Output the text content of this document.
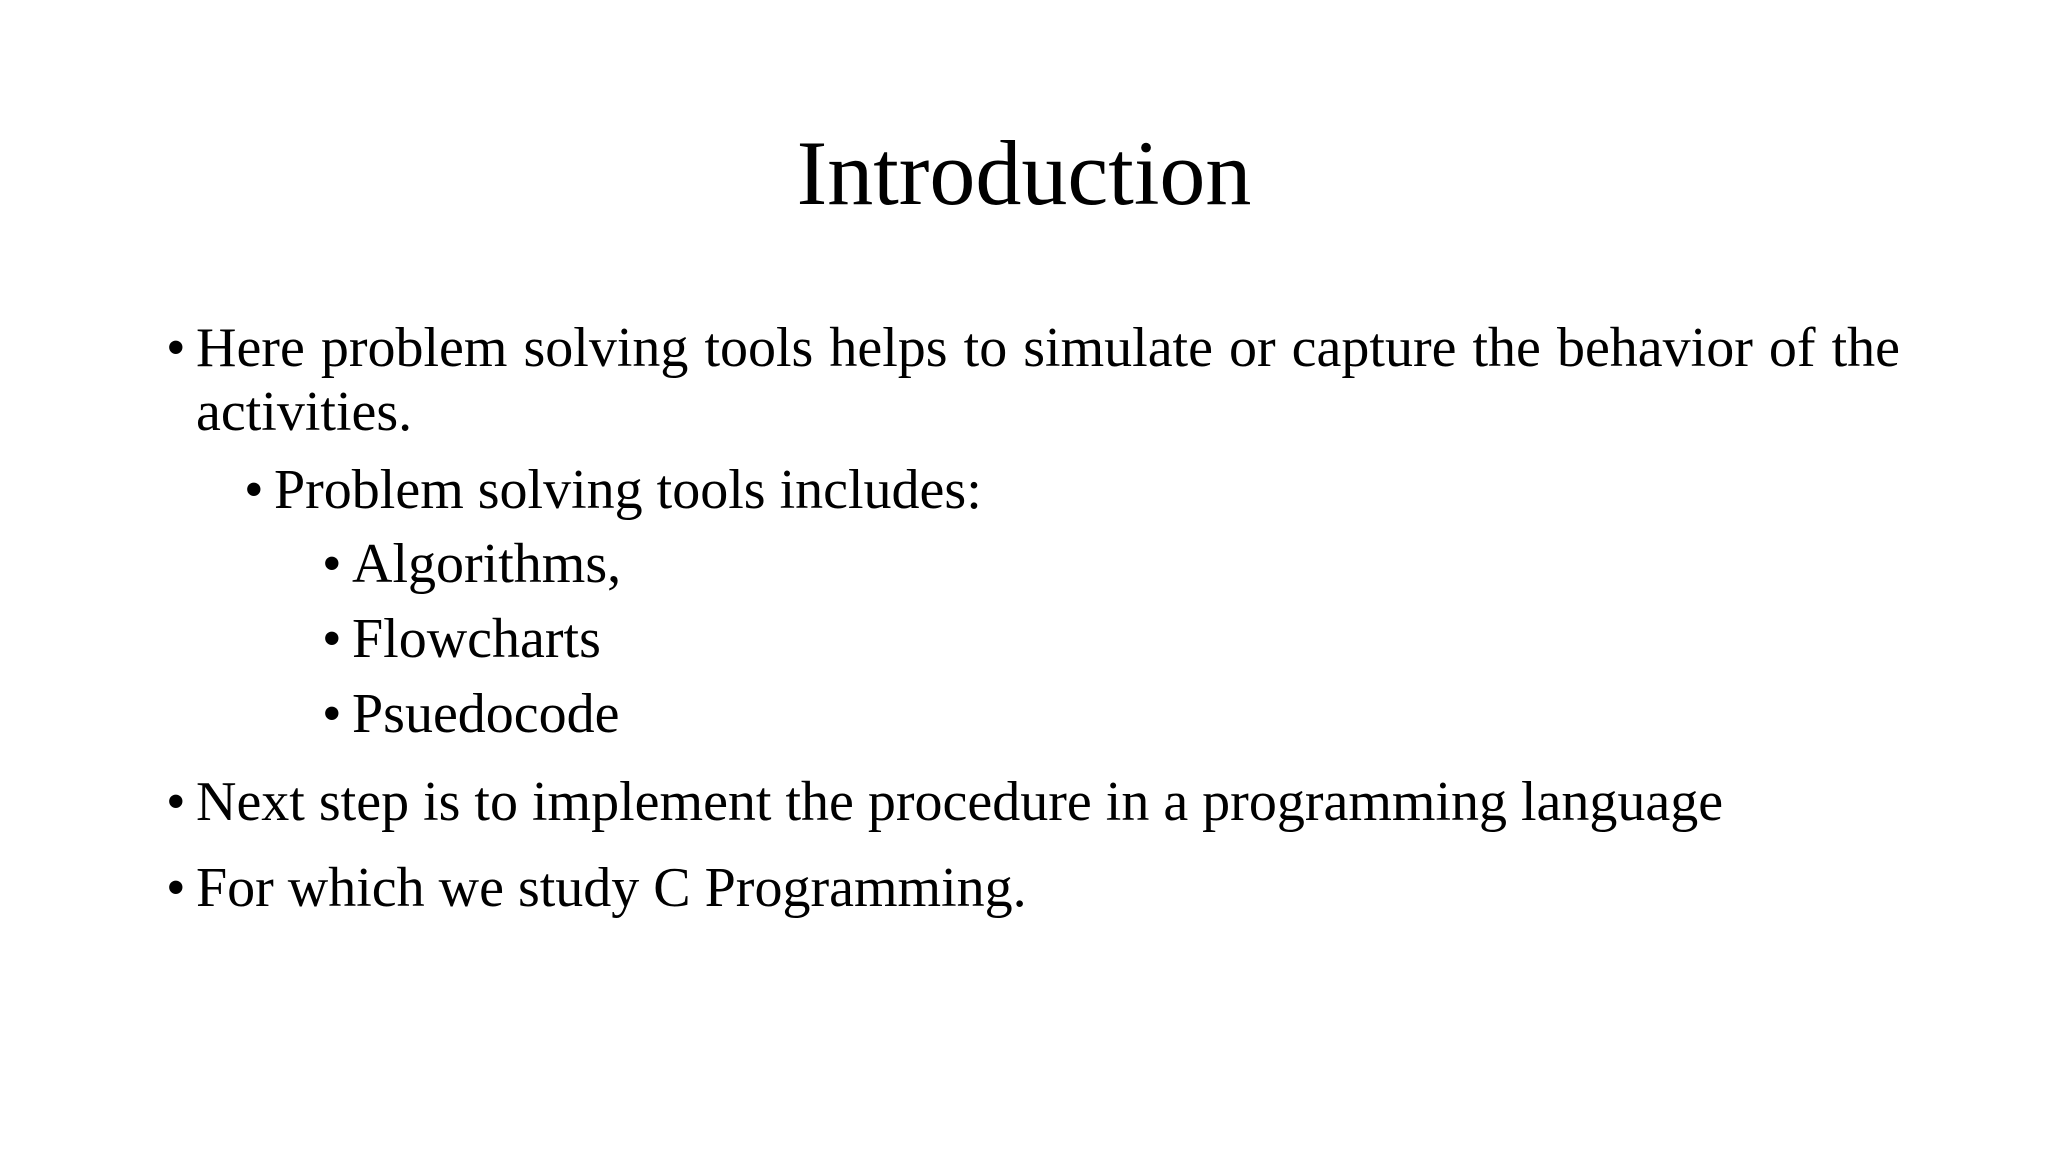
Introduction
• Here problem solving tools helps to simulate or capture the behavior of the activities.
• Problem solving tools includes:
• Algorithms,
• Flowcharts
• Psuedocode
• Next step is to implement the procedure in a programming language
• For which we study C Programming.
